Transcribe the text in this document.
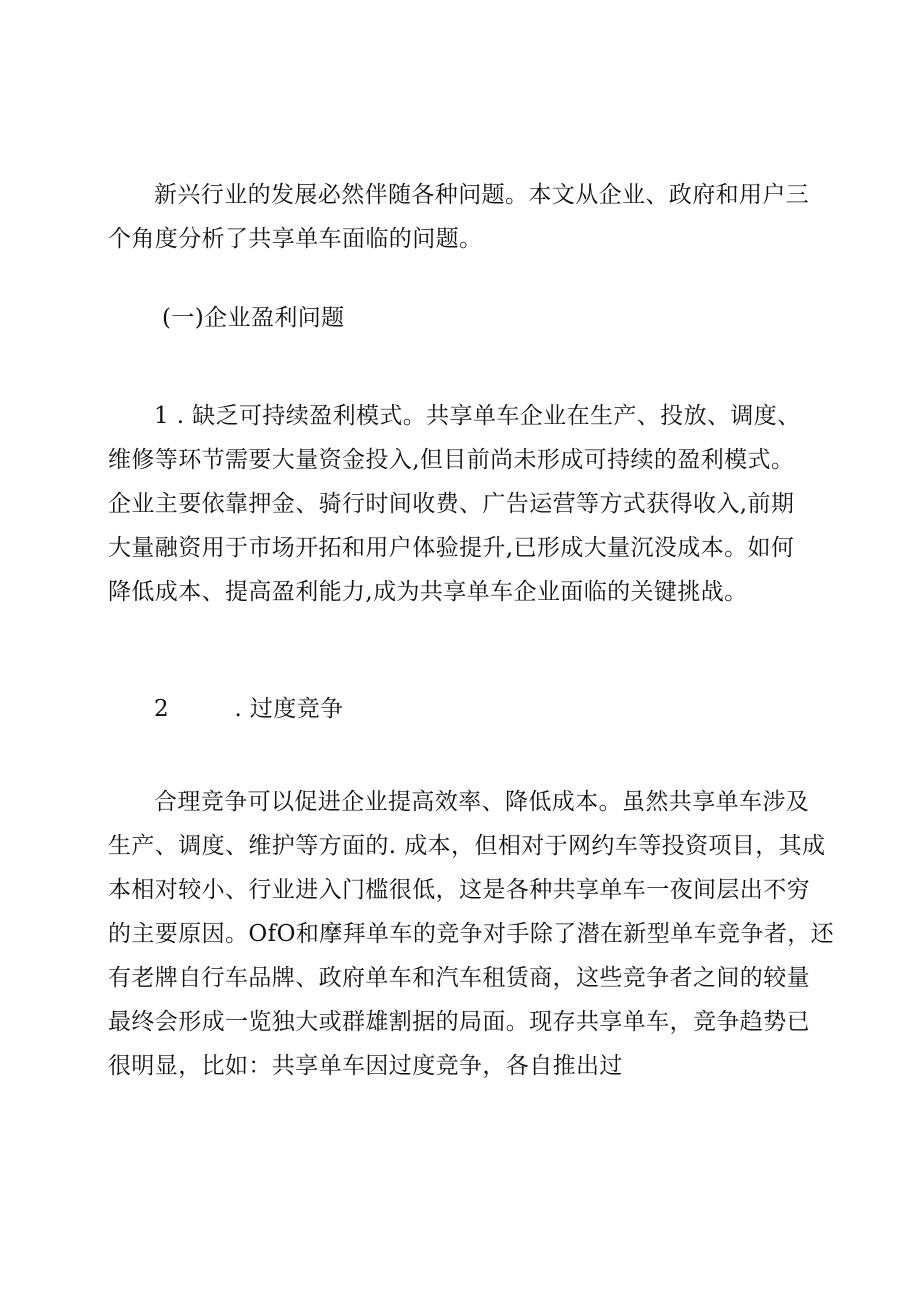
新兴行业的发展必然伴随各种问题。本文从企业、政府和用户三
个角度分析了共享单车面临的问题。
(一)企业盈利问题
1 . 缺乏可持续盈利模式。共享单车企业在生产、投放、调度、
维修等环节需要大量资金投入,但目前尚未形成可持续的盈利模式。
企业主要依靠押金、骑行时间收费、广告运营等方式获得收入,前期
大量融资用于市场开拓和用户体验提升,已形成大量沉没成本。如何
降低成本、提高盈利能力,成为共享单车企业面临的关键挑战。
2	. 过度竞争
合理竞争可以促进企业提高效率、降低成本。虽然共享单车涉及
生产、调度、维护等方面的. 成本，但相对于网约车等投资项目，其成
本相对较小、行业进入门槛很低，这是各种共享单车一夜间层出不穷
的主要原因。OfO和摩拜单车的竞争对手除了潜在新型单车竞争者，还
有老牌自行车品牌、政府单车和汽车租赁商，这些竞争者之间的较量
最终会形成一览独大或群雄割据的局面。现存共享单车，竞争趋势已
很明显，比如：共享单车因过度竞争，各自推出过
